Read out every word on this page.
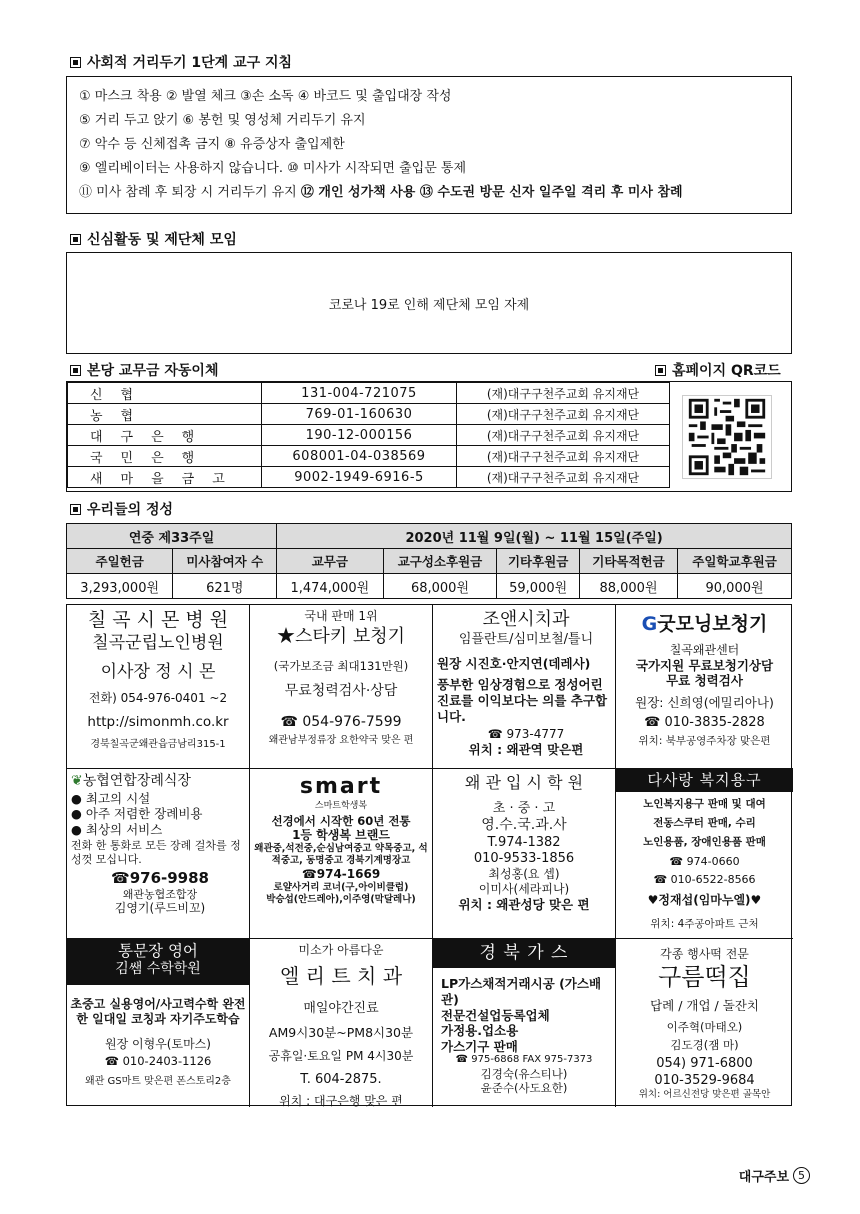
사회적 거리두기 1단계 교구 지침
① 마스크 착용 ② 발열 체크 ③손 소독 ④ 바코드 및 출입대장 작성
⑤ 거리 두고 앉기 ⑥ 봉헌 및 영성체 거리두기 유지
⑦ 악수 등 신체접촉 금지 ⑧ 유증상자 출입제한
⑨ 엘리베이터는 사용하지 않습니다. ⑩ 미사가 시작되면 출입문 통제
⑪ 미사 참례 후 퇴장 시 거리두기 유지 ⑫ 개인 성가책 사용 ⑬ 수도권 방문 신자 일주일 격리 후 미사 참례
신심활동 및 제단체 모임
코로나 19로 인해 제단체 모임 자제
본당 교무금 자동이체	홈페이지 QR코드
신협	131-004-721075	(재)대구구천주교회 유지재단
농협	769-01-160630	(재)대구구천주교회 유지재단
대구은행	190-12-000156	(재)대구구천주교회 유지재단
국민은행	608001-04-038569	(재)대구구천주교회 유지재단
새마을금고	9002-1949-6916-5	(재)대구구천주교회 유지재단
우리들의 정성
연중 제33주일		2020년 11월 9일(월) ~ 11월 15일(주일)				
주일헌금	미사참여자 수	교무금	교구성소후원금	기타후원금	기타목적헌금	주일학교후원금
3,293,000원	621명	1,474,000원	68,000원	59,000원	88,000원	90,000원

칠 곡 시 몬 병 원

칠곡군립노인병원

이사장 정 시 몬

전화) 054-976-0401 ~2

http://simonmh.co.kr

경북칠곡군왜관읍금남리315-1

국내 판매 1위

★스타키 보청기

(국가보조금 최대131만원)

무료청력검사·상담

☎ 054-976-7599

왜관남부정류장 요한약국 맞은 편

조앤시치과

임플란트/심미보철/틀니

원장 시진호·안지연(데레사)

풍부한 임상경험으로 정성어린 진료를 이익보다는 의를 추구합니다.

☎ 973-4777

위치 : 왜관역 맞은편

G굿모닝보청기

칠곡왜관센터

국가지원 무료보청기상담

무료 청력검사

원장: 신희영(에밀리아나)

☎ 010-3835-2828

위치: 북부공영주차장 맞은편

❦농협연합장례식장

● 최고의 시설

● 아주 저렴한 장례비용

● 최상의 서비스

전화 한 통화로 모든 장례 걸차를 정성껏 모십니다.

☎976-9988

왜관농협조합장

김영기(루드비꼬)

smart

스마트학생복

선경에서 시작한 60년 전통

1등 학생복 브랜드

왜관중,석전중,순심남여중고 약목중고, 석적중고, 동명중고 경북기계명장고

☎974-1669

로얄사거리 코너(구,아이비클럽)

박승섭(안드레아),이주영(막달레나)

왜 관 입 시 학 원

초 · 중 · 고

영.수.국.과.사

T.974-1382

010-9533-1856

최성홍(요 셉)

이미사(세라피나)

위치 : 왜관성당 맞은 편

다사랑 복지용구

노인복지용구 판매 및 대여

전동스쿠터 판매, 수리

노인용품, 장애인용품 판매

☎ 974-0660

☎ 010-6522-8566

♥정재섭(임마누엘)♥

위치: 4주공아파트 근처

통문장 영어

김쌤 수학학원

초중고 실용영어/사고력수학 완전한 일대일 코칭과 자기주도학습

원장 이형우(토마스)

☎ 010-2403-1126

왜관 GS마트 맞은편 폰스토리2층

미소가 아름다운

엘 리 트 치 과

매일야간진료

AM9시30분~PM8시30분

공휴일·토요일 PM 4시30분

T. 604-2875.

위치 : 대구은행 맞은 편

경 북 가 스

LP가스채적거래시공 (가스배관)

전문건설업등록업체

가정용.업소용

가스기구 판매

☎ 975-6868 FAX 975-7373

김경숙(유스티나)

윤준수(사도요한)

각종 행사떡 전문

구름떡집

답례 / 개업 / 돌잔치

이주혁(마태오)

김도경(잼 마)

054) 971-6800

010-3529-9684

위치: 어르신전당 맞은편 골목안

대구주보 5
